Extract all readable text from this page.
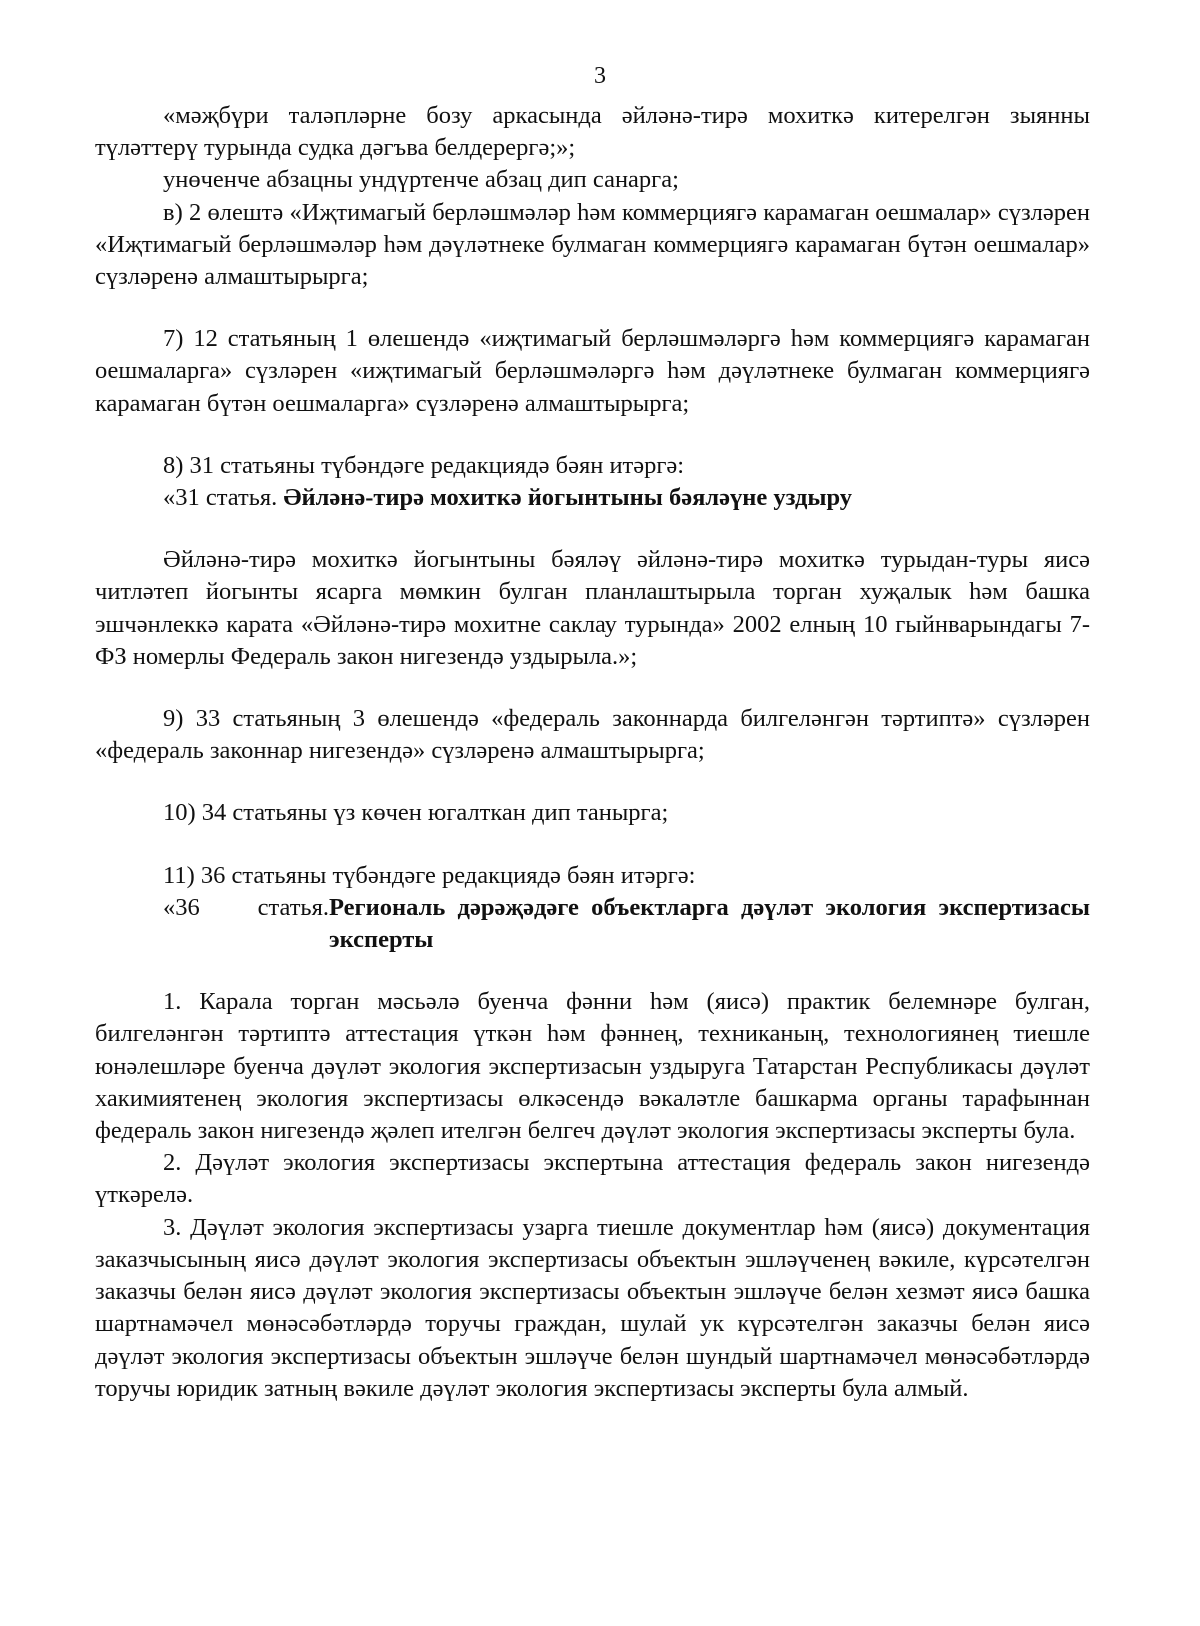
3

«мәҗбүри таләпләрне бозу аркасында әйләнә-тирә мохиткә китерелгән зыянны түләттерү турында судка дәгъва белдерергә;»;

унөченче абзацны ундүртенче абзац дип санарга;

в) 2 өлештә «Иҗтимагый берләшмәләр һәм коммерциягә карамаган оешмалар» сүзләрен «Иҗтимагый берләшмәләр һәм дәүләтнеке булмаган коммерциягә карамаган бүтән оешмалар» сүзләренә алмаштырырга;

7) 12 статьяның 1 өлешендә «иҗтимагый берләшмәләргә һәм коммерциягә карамаган оешмаларга» сүзләрен «иҗтимагый берләшмәләргә һәм дәүләтнеке булмаган коммерциягә карамаган бүтән оешмаларга» сүзләренә алмаштырырга;

8) 31 статьяны түбәндәге редакциядә бәян итәргә:

«31 статья. Әйләнә-тирә мохиткә йогынтыны бәяләүне уздыру

Әйләнә-тирә мохиткә йогынтыны бәяләү әйләнә-тирә мохиткә турыдан-туры яисә читләтеп йогынты ясарга мөмкин булган планлаштырыла торган хуҗалык һәм башка эшчәнлеккә карата «Әйләнә-тирә мохитне саклау турында» 2002 елның 10 гыйнварындагы 7-ФЗ номерлы Федераль закон нигезендә уздырыла.»;

9) 33 статьяның 3 өлешендә «федераль законнарда билгеләнгән тәртиптә» сүзләрен «федераль законнар нигезендә» сүзләренә алмаштырырга;

10) 34 статьяны үз көчен югалткан дип танырга;

11) 36 статьяны түбәндәге редакциядә бәян итәргә:

«36 статья. Региональ дәрәҗәдәге объектларга дәүләт экология экспертизасы эксперты

1. Карала торган мәсьәлә буенча фәнни һәм (яисә) практик белемнәре булган, билгеләнгән тәртиптә аттестация үткән һәм фәннең, техниканың, технологиянең тиешле юнәлешләре буенча дәүләт экология экспертизасын уздыруга Татарстан Республикасы дәүләт хакимиятенең экология экспертизасы өлкәсендә вәкаләтле башкарма органы тарафыннан федераль закон нигезендә җәлеп ителгән белгеч дәүләт экология экспертизасы эксперты була.

2. Дәүләт экология экспертизасы экспертына аттестация федераль закон нигезендә үткәрелә.

3. Дәүләт экология экспертизасы узарга тиешле документлар һәм (яисә) документация заказчысының яисә дәүләт экология экспертизасы объектын эшләүченең вәкиле, күрсәтелгән заказчы белән яисә дәүләт экология экспертизасы объектын эшләүче белән хезмәт яисә башка шартнамәчел мөнәсәбәтләрдә торучы граждан, шулай ук күрсәтелгән заказчы белән яисә дәүләт экология экспертизасы объектын эшләүче белән шундый шартнамәчел мөнәсәбәтләрдә торучы юридик затның вәкиле дәүләт экология экспертизасы эксперты була алмый.
